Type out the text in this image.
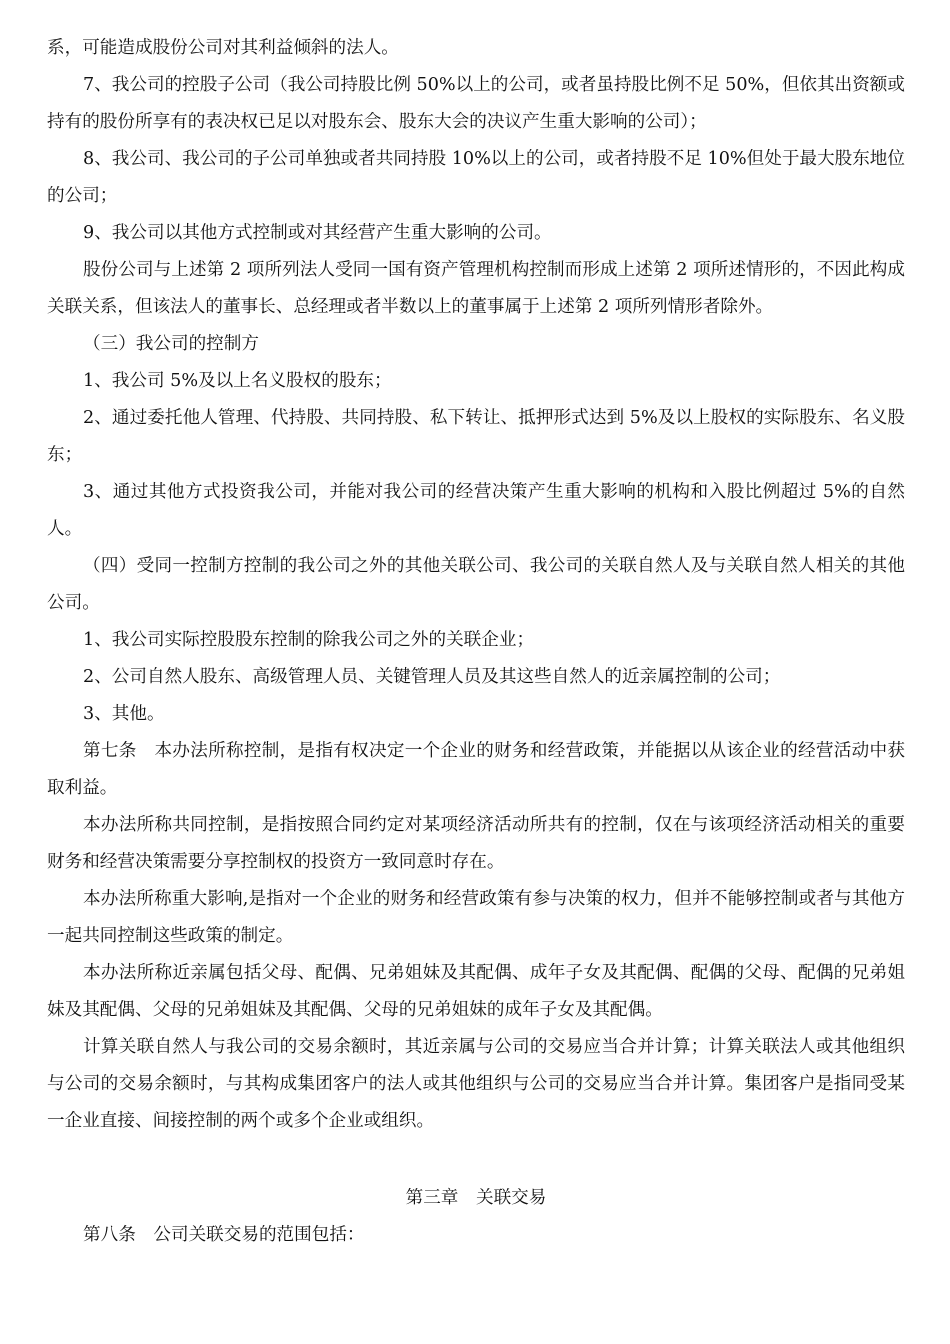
系，可能造成股份公司对其利益倾斜的法人。

7、我公司的控股子公司（我公司持股比例 50%以上的公司，或者虽持股比例不足 50%，但依其出资额或持有的股份所享有的表决权已足以对股东会、股东大会的决议产生重大影响的公司）；

8、我公司、我公司的子公司单独或者共同持股 10%以上的公司，或者持股不足 10%但处于最大股东地位的公司；

9、我公司以其他方式控制或对其经营产生重大影响的公司。

股份公司与上述第 2 项所列法人受同一国有资产管理机构控制而形成上述第 2 项所述情形的，不因此构成关联关系，但该法人的董事长、总经理或者半数以上的董事属于上述第 2 项所列情形者除外。

（三）我公司的控制方

1、我公司 5%及以上名义股权的股东；

2、通过委托他人管理、代持股、共同持股、私下转让、抵押形式达到 5%及以上股权的实际股东、名义股东；

3、通过其他方式投资我公司，并能对我公司的经营决策产生重大影响的机构和入股比例超过 5%的自然人。

（四）受同一控制方控制的我公司之外的其他关联公司、我公司的关联自然人及与关联自然人相关的其他公司。

1、我公司实际控股股东控制的除我公司之外的关联企业；

2、公司自然人股东、高级管理人员、关键管理人员及其这些自然人的近亲属控制的公司；

3、其他。

第七条　本办法所称控制，是指有权决定一个企业的财务和经营政策，并能据以从该企业的经营活动中获取利益。

本办法所称共同控制，是指按照合同约定对某项经济活动所共有的控制，仅在与该项经济活动相关的重要财务和经营决策需要分享控制权的投资方一致同意时存在。

本办法所称重大影响,是指对一个企业的财务和经营政策有参与决策的权力，但并不能够控制或者与其他方一起共同控制这些政策的制定。

本办法所称近亲属包括父母、配偶、兄弟姐妹及其配偶、成年子女及其配偶、配偶的父母、配偶的兄弟姐妹及其配偶、父母的兄弟姐妹及其配偶、父母的兄弟姐妹的成年子女及其配偶。

计算关联自然人与我公司的交易余额时，其近亲属与公司的交易应当合并计算；计算关联法人或其他组织与公司的交易余额时，与其构成集团客户的法人或其他组织与公司的交易应当合并计算。集团客户是指同受某一企业直接、间接控制的两个或多个企业或组织。

第三章　关联交易

第八条　公司关联交易的范围包括：
